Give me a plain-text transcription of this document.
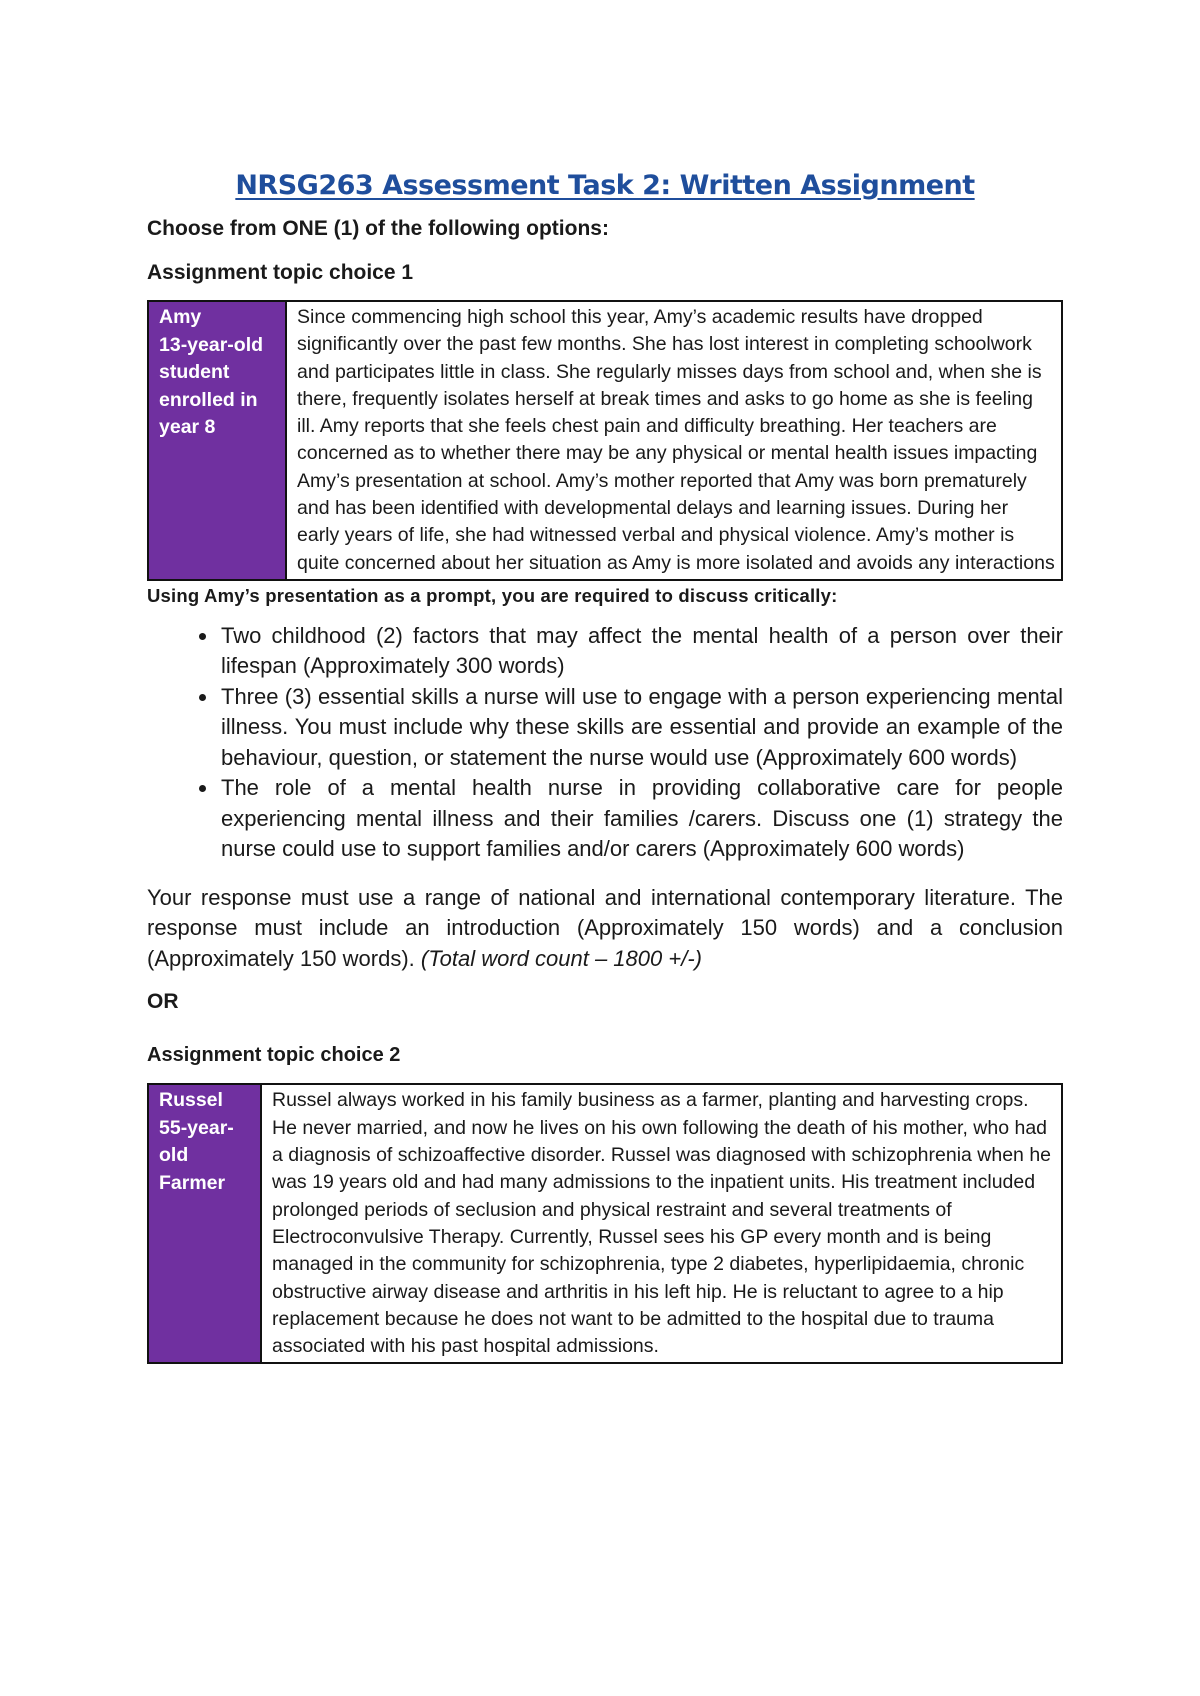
NRSG263 Assessment Task 2: Written Assignment

Choose from ONE (1) of the following options:

Assignment topic choice 1

Amy
13-year-old
student
enrolled in
year 8
	Since commencing high school this year, Amy’s academic results have dropped significantly over the past few months. She has lost interest in completing schoolwork and participates little in class. She regularly misses days from school and, when she is there, frequently isolates herself at break times and asks to go home as she is feeling ill. Amy reports that she feels chest pain and difficulty breathing. Her teachers are concerned as to whether there may be any physical or mental health issues impacting Amy’s presentation at school. Amy’s mother reported that Amy was born prematurely and has been identified with developmental delays and learning issues. During her early years of life, she had witnessed verbal and physical violence. Amy’s mother is quite concerned about her situation as Amy is more isolated and avoids any interactions

Using Amy’s presentation as a prompt, you are required to discuss critically:

• Two childhood (2) factors that may affect the mental health of a person over their lifespan (Approximately 300 words)
• Three (3) essential skills a nurse will use to engage with a person experiencing mental illness. You must include why these skills are essential and provide an example of the behaviour, question, or statement the nurse would use (Approximately 600 words)
• The role of a mental health nurse in providing collaborative care for people experiencing mental illness and their families /carers. Discuss one (1) strategy the nurse could use to support families and/or carers (Approximately 600 words)

Your response must use a range of national and international contemporary literature. The response must include an introduction (Approximately 150 words) and a conclusion (Approximately 150 words). (Total word count – 1800 +/-)

OR

Assignment topic choice 2

Russel
55-year-
old
Farmer
	Russel always worked in his family business as a farmer, planting and harvesting crops. He never married, and now he lives on his own following the death of his mother, who had a diagnosis of schizoaffective disorder. Russel was diagnosed with schizophrenia when he was 19 years old and had many admissions to the inpatient units. His treatment included prolonged periods of seclusion and physical restraint and several treatments of Electroconvulsive Therapy. Currently, Russel sees his GP every month and is being managed in the community for schizophrenia, type 2 diabetes, hyperlipidaemia, chronic obstructive airway disease and arthritis in his left hip. He is reluctant to agree to a hip replacement because he does not want to be admitted to the hospital due to trauma associated with his past hospital admissions.
